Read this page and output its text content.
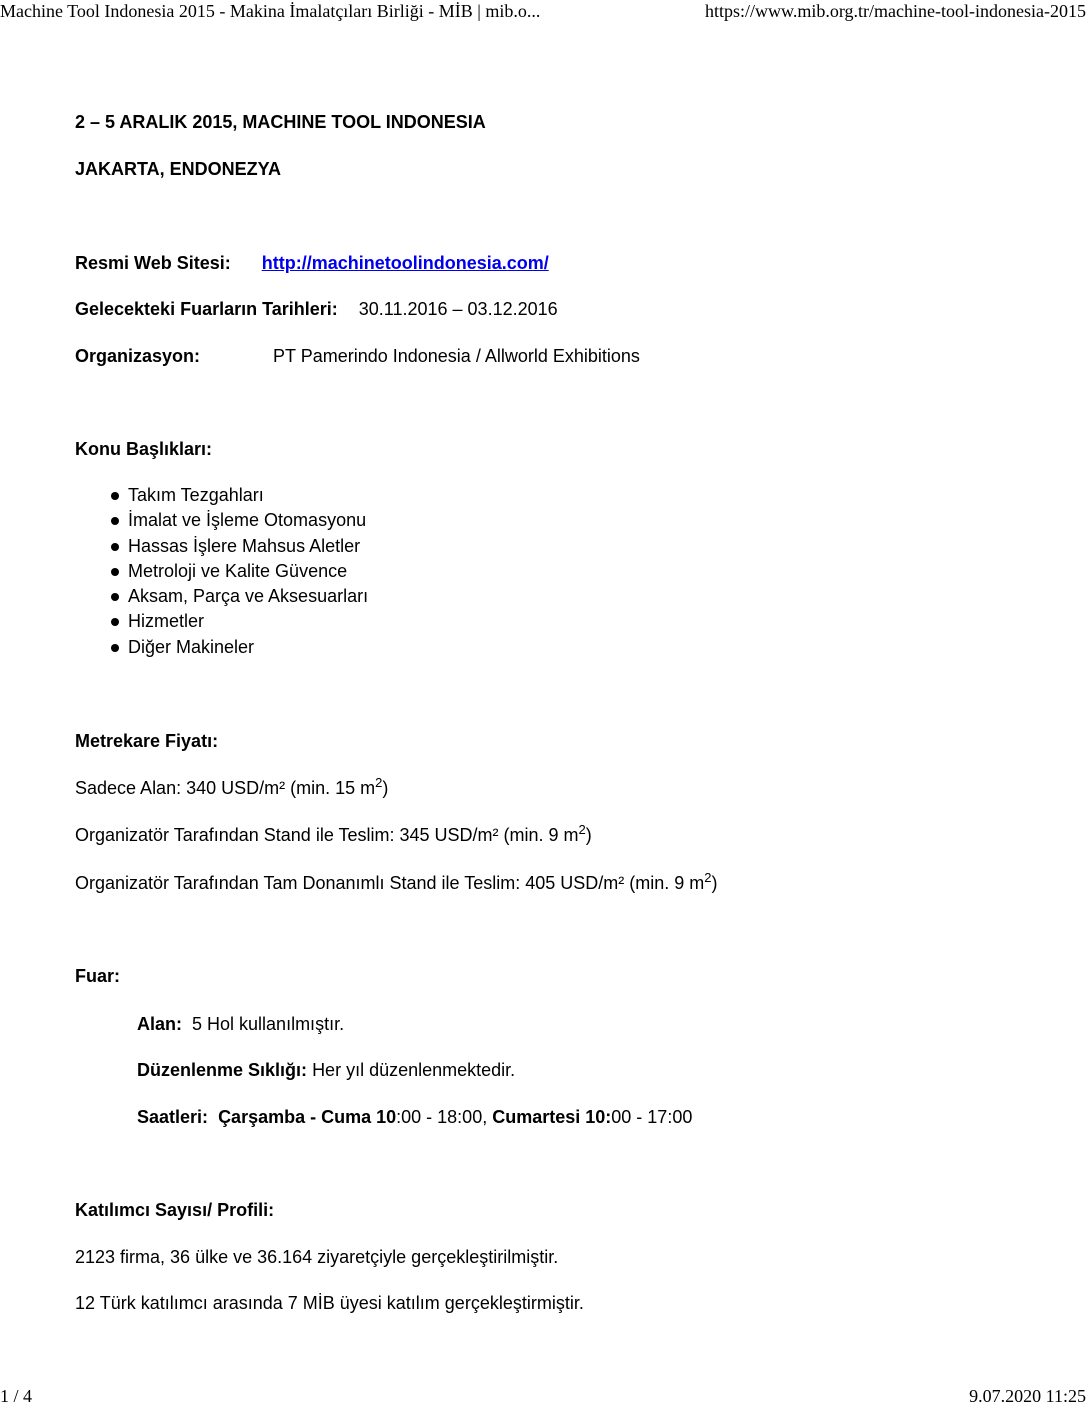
Machine Tool Indonesia 2015 - Makina İmalatçıları Birliği - MİB | mib.o...	https://www.mib.org.tr/machine-tool-indonesia-2015
2 – 5 ARALIK 2015, MACHINE TOOL INDONESIA
JAKARTA, ENDONEZYA
Resmi Web Sitesi: http://machinetoolindonesia.com/
Gelecekteki Fuarların Tarihleri: 30.11.2016 – 03.12.2016
Organizasyon:	PT Pamerindo Indonesia / Allworld Exhibitions
Konu Başlıkları:
Takım Tezgahları
İmalat ve İşleme Otomasyonu
Hassas İşlere Mahsus Aletler
Metroloji ve Kalite Güvence
Aksam, Parça ve Aksesuarları
Hizmetler
Diğer Makineler
Metrekare Fiyatı:
Sadece Alan: 340 USD/m² (min. 15 $m^2$)
Organizatör Tarafından Stand ile Teslim: 345 USD/m² (min. 9 $m^2$)
Organizatör Tarafından Tam Donanımlı Stand ile Teslim: 405 USD/m² (min. 9 $m^2$)
Fuar:
Alan: 5 Hol kullanılmıştır.
Düzenlenme Sıklığı: Her yıl düzenlenmektedir.
Saatleri: Çarşamba - Cuma 10:00 - 18:00, Cumartesi 10:00 - 17:00
Katılımcı Sayısı/ Profili:
2123 firma, 36 ülke ve 36.164 ziyaretçiyle gerçekleştirilmiştir.
12 Türk katılımcı arasında 7 MİB üyesi katılım gerçekleştirmiştir.
1 / 4	9.07.2020 11:25
